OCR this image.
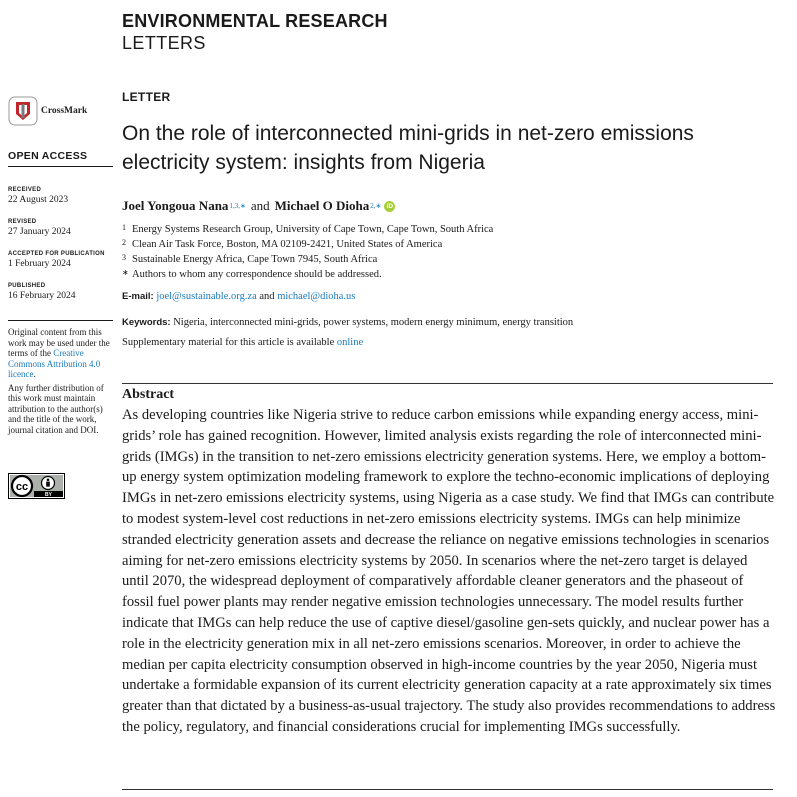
ENVIRONMENTAL RESEARCH
LETTERS
CrossMark
OPEN ACCESS
RECEIVED
22 August 2023
REVISED
27 January 2024
ACCEPTED FOR PUBLICATION
1 February 2024
PUBLISHED
16 February 2024

Original content from this work may be used under the terms of the Creative Commons Attribution 4.0 licence.

Any further distribution of this work must maintain attribution to the author(s) and the title of the work, journal citation and DOI.

cc
BY
LETTER
On the role of interconnected mini-grids in net-zero emissions electricity system: insights from Nigeria
Joel Yongoua Nana 1,3,∗ and Michael O Dioha 2,∗ iD
1 Energy Systems Research Group, University of Cape Town, Cape Town, South Africa
2 Clean Air Task Force, Boston, MA 02109-2421, United States of America
3 Sustainable Energy Africa, Cape Town 7945, South Africa
∗ Authors to whom any correspondence should be addressed.
E-mail: joel@sustainable.org.za and michael@dioha.us
Keywords: Nigeria, interconnected mini-grids, power systems, modern energy minimum, energy transition
Supplementary material for this article is available online
Abstract

As developing countries like Nigeria strive to reduce carbon emissions while expanding energy access, mini-grids’ role has gained recognition. However, limited analysis exists regarding the role of interconnected mini-grids (IMGs) in the transition to net-zero emissions electricity generation systems. Here, we employ a bottom-up energy system optimization modeling framework to explore the techno-economic implications of deploying IMGs in net-zero emissions electricity systems, using Nigeria as a case study. We find that IMGs can contribute to modest system-level cost reductions in net-zero emissions electricity systems. IMGs can help minimize stranded electricity generation assets and decrease the reliance on negative emissions technologies in scenarios aiming for net-zero emissions electricity systems by 2050. In scenarios where the net-zero target is delayed until 2070, the widespread deployment of comparatively affordable cleaner generators and the phaseout of fossil fuel power plants may render negative emission technologies unnecessary. The model results further indicate that IMGs can help reduce the use of captive diesel/gasoline gen-sets quickly, and nuclear power has a role in the electricity generation mix in all net-zero emissions scenarios. Moreover, in order to achieve the median per capita electricity consumption observed in high-income countries by the year 2050, Nigeria must undertake a formidable expansion of its current electricity generation capacity at a rate approximately six times greater than that dictated by a business-as-usual trajectory. The study also provides recommendations to address the policy, regulatory, and financial considerations crucial for implementing IMGs successfully.
